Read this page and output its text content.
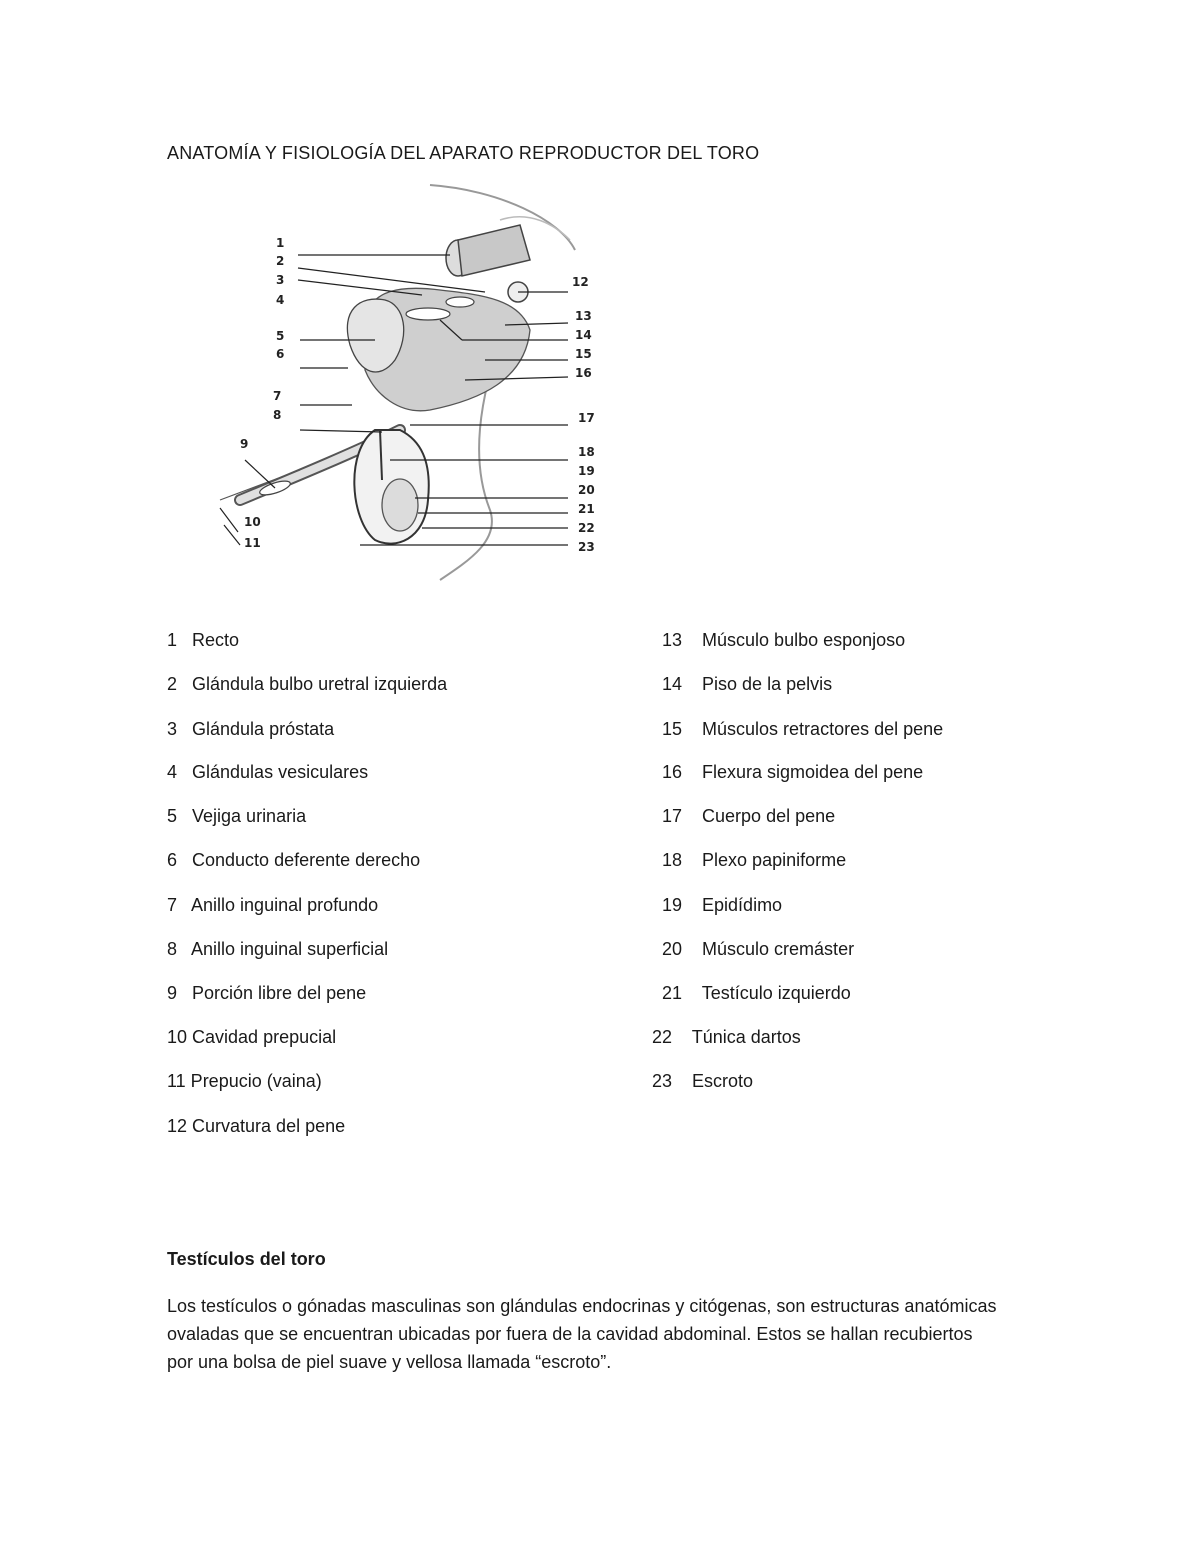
ANATOMÍA Y FISIOLOGÍA DEL APARATO REPRODUCTOR DEL TORO
1
2
3
4
5
6
7
8
9
10
11
12
13
14
15
16
17
18
19
20
21
22
23
1   Recto
2   Glándula bulbo uretral izquierda
3   Glándula próstata
4   Glándulas vesiculares
5   Vejiga urinaria
6   Conducto deferente derecho
7   Anillo inguinal profundo
8   Anillo inguinal superficial
9   Porción libre del pene
10 Cavidad prepucial
11 Prepucio (vaina)
12 Curvatura del pene
13    Músculo bulbo esponjoso
14    Piso de la pelvis
15    Músculos retractores del pene
16    Flexura sigmoidea del pene
17    Cuerpo del pene
18    Plexo papiniforme
19    Epidídimo
20    Músculo cremáster
21    Testículo izquierdo
22    Túnica dartos
23    Escroto
Testículos del toro
Los testículos o gónadas masculinas son glándulas endocrinas y citógenas, son estructuras anatómicas ovaladas que se encuentran ubicadas por fuera de la cavidad abdominal. Estos se hallan recubiertos por una bolsa de piel suave y vellosa llamada “escroto”.
